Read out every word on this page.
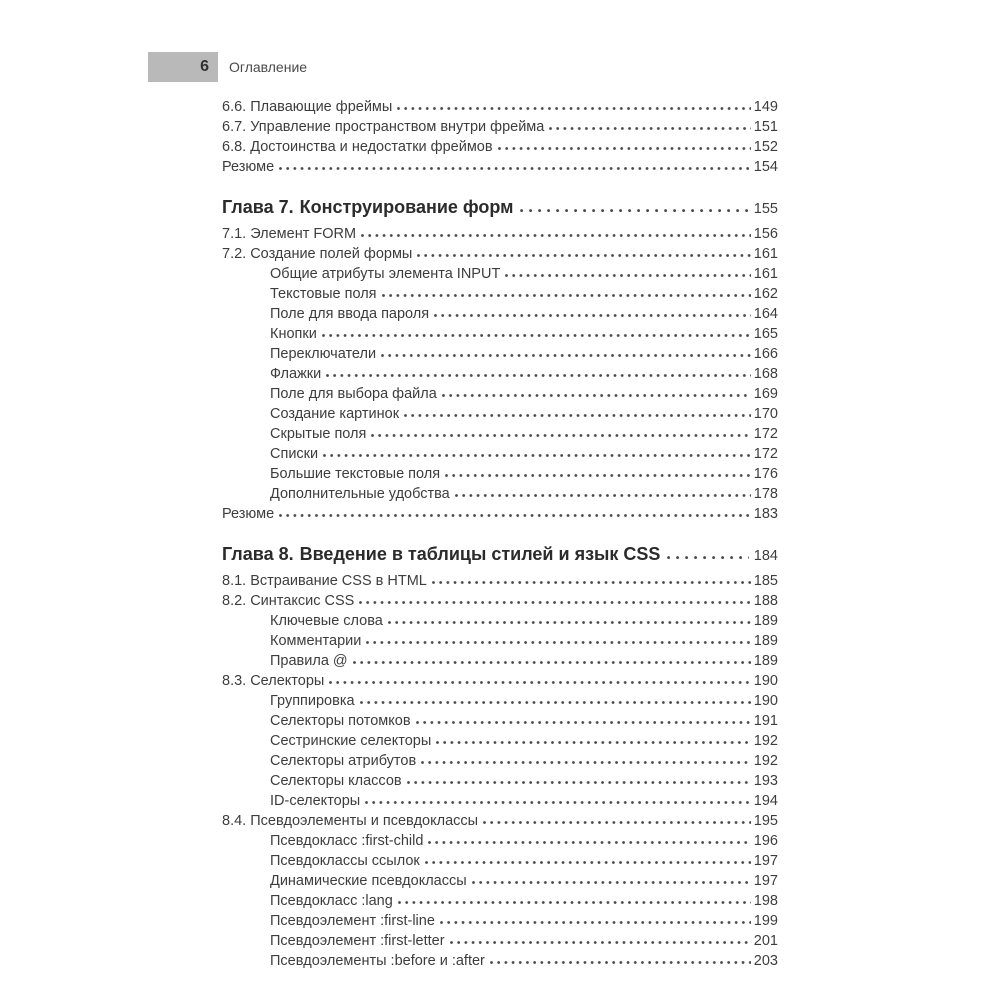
6 Оглавление
6.6. Плавающие фреймы	149
6.7. Управление пространством внутри фрейма	151
6.8. Достоинства и недостатки фреймов	152
Резюме	154
Глава 7. Конструирование форм	155
7.1. Элемент FORM	156
7.2. Создание полей формы	161
Общие атрибуты элемента INPUT	161
Текстовые поля	162
Поле для ввода пароля	164
Кнопки	165
Переключатели	166
Флажки	168
Поле для выбора файла	169
Создание картинок	170
Скрытые поля	172
Списки	172
Большие текстовые поля	176
Дополнительные удобства	178
Резюме	183
Глава 8. Введение в таблицы стилей и язык CSS	184
8.1. Встраивание CSS в HTML	185
8.2. Синтаксис CSS	188
Ключевые слова	189
Комментарии	189
Правила @	189
8.3. Селекторы	190
Группировка	190
Селекторы потомков	191
Сестринские селекторы	192
Селекторы атрибутов	192
Селекторы классов	193
ID-селекторы	194
8.4. Псевдоэлементы и псевдоклассы	195
Псевдокласс :first-child	196
Псевдоклассы ссылок	197
Динамические псевдоклассы	197
Псевдокласс :lang	198
Псевдоэлемент :first-line	199
Псевдоэлемент :first-letter	201
Псевдоэлементы :before и :after	203
